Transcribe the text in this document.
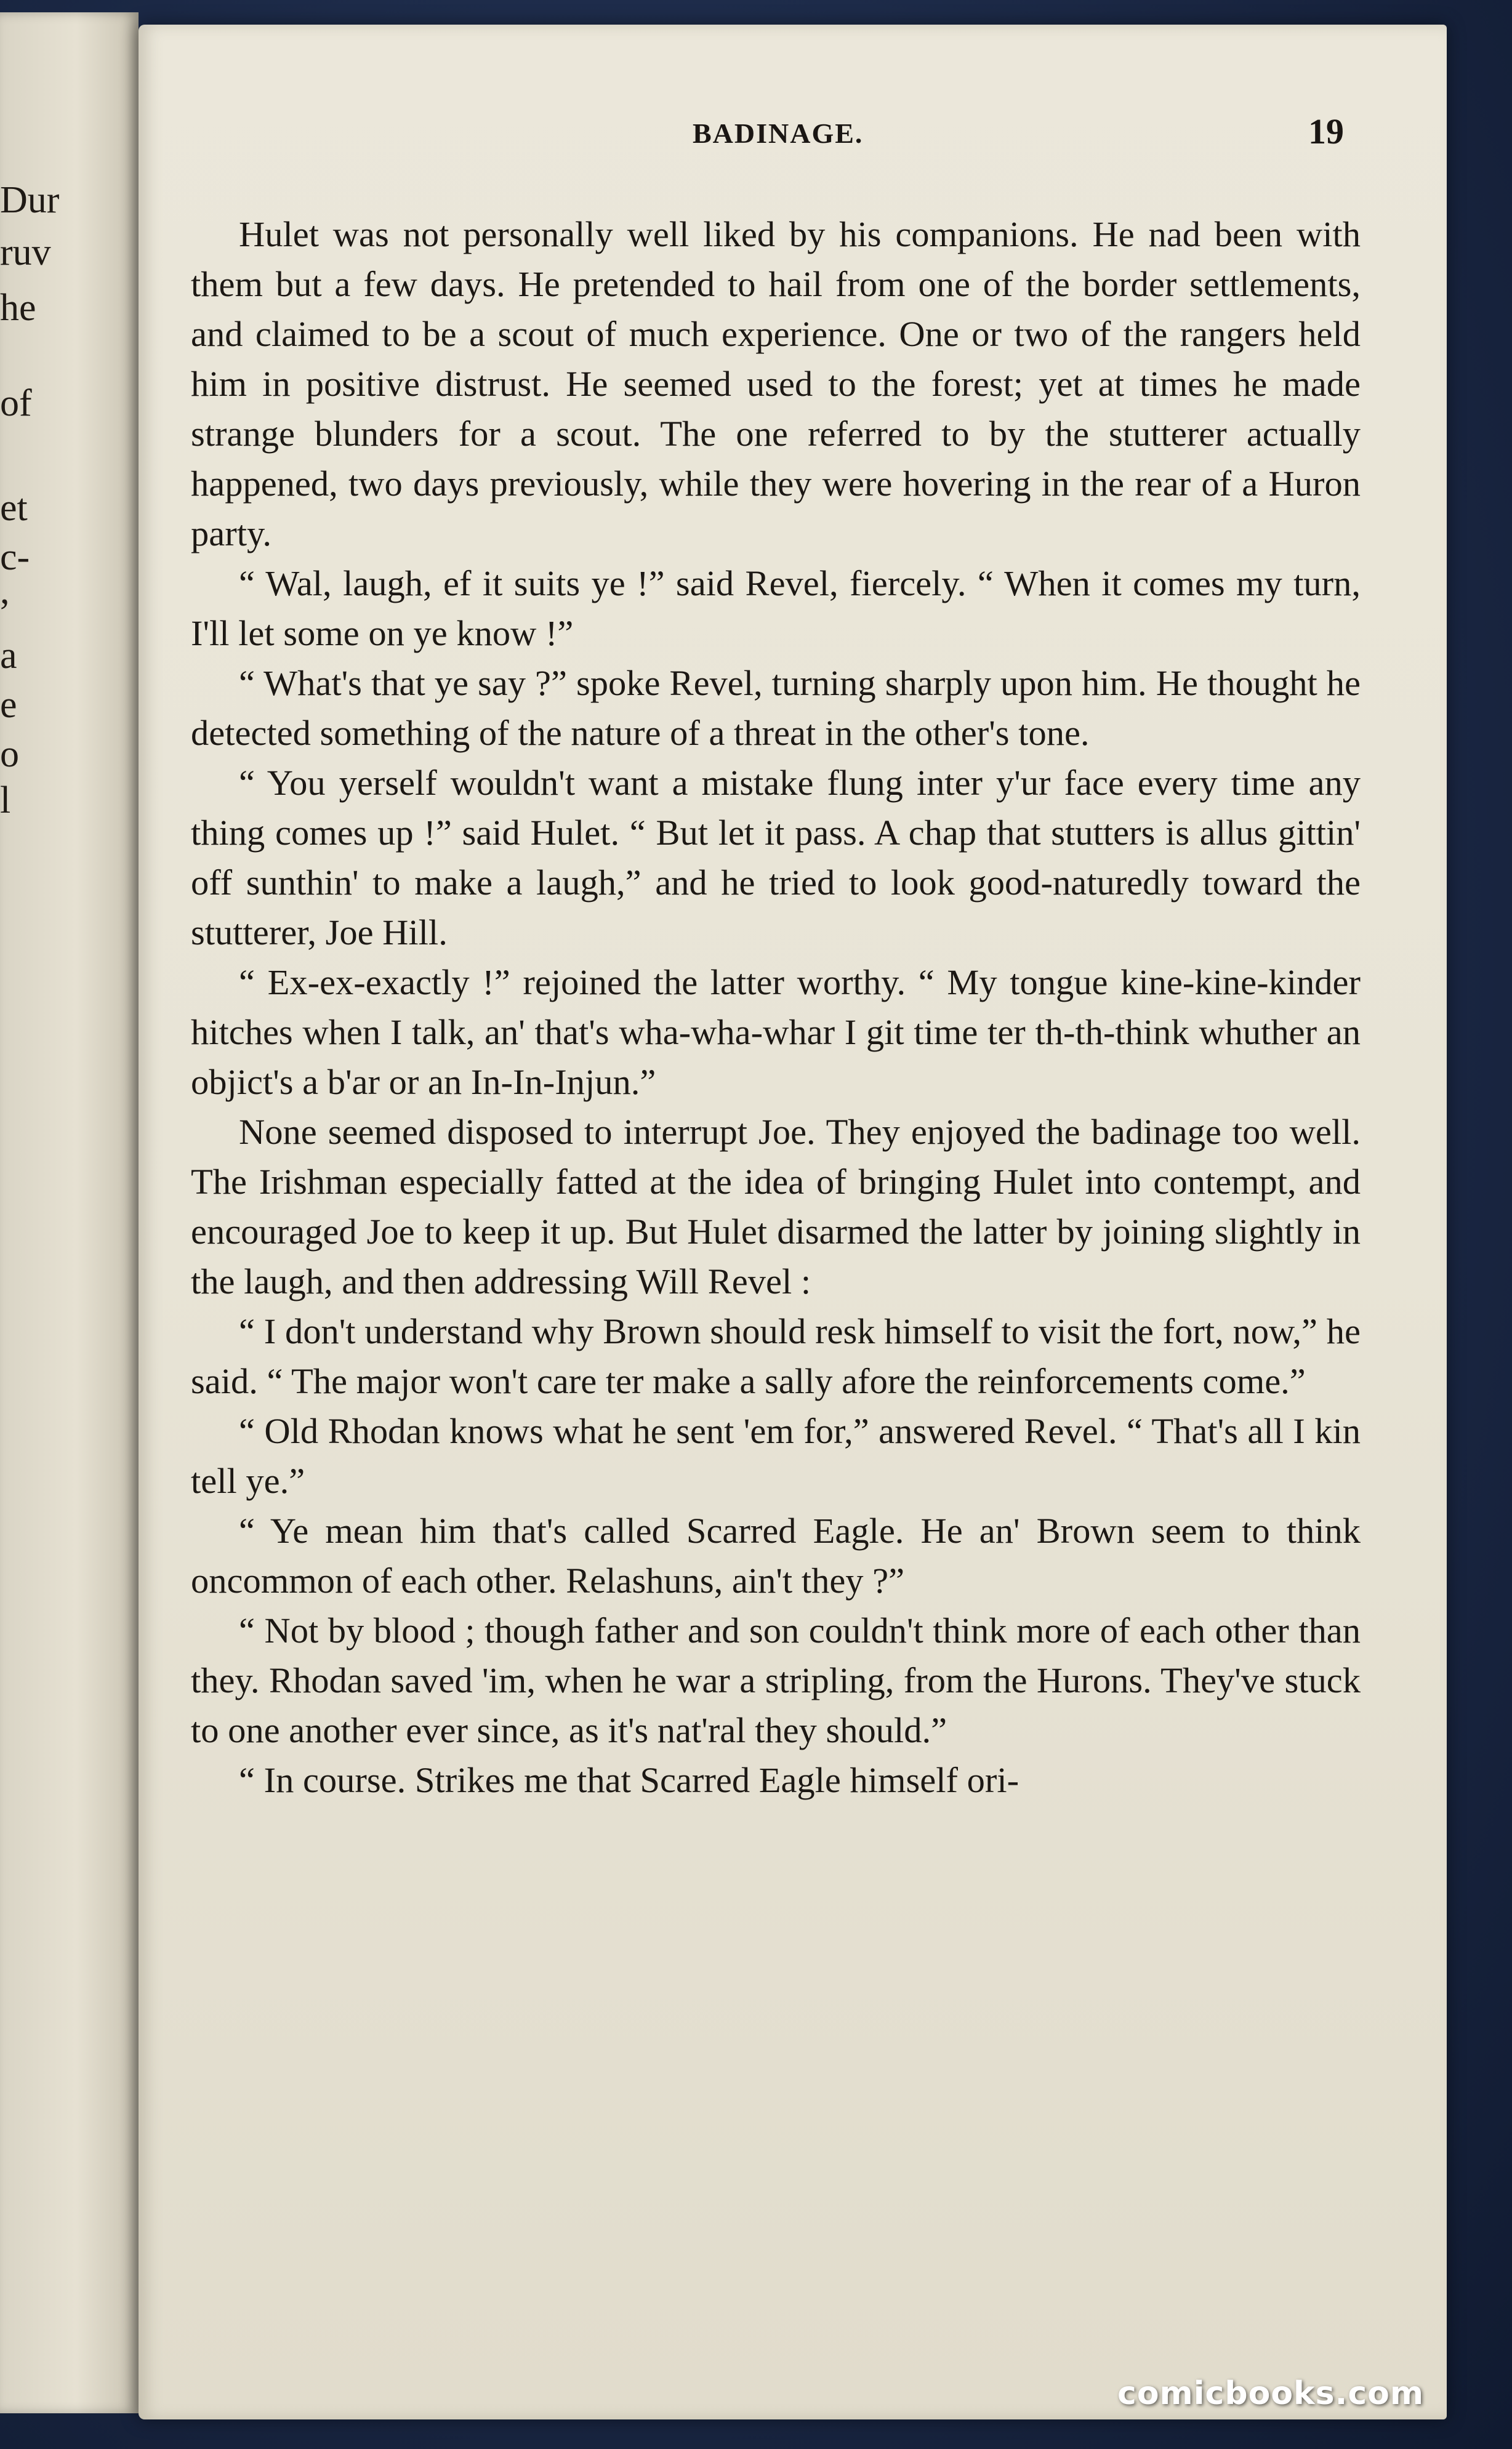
Dur
ruv
he
of
et
c-
,
a
e
o
l
BADINAGE.	19

Hulet was not personally well liked by his companions. He nad been with them but a few days. He pretended to hail from one of the border settlements, and claimed to be a scout of much experience. One or two of the rangers held him in positive distrust. He seemed used to the forest; yet at times he made strange blunders for a scout. The one referred to by the stutterer actually happened, two days previously, while they were hovering in the rear of a Huron party.

“ Wal, laugh, ef it suits ye !” said Revel, fiercely. “ When it comes my turn, I'll let some on ye know !”

“ What's that ye say ?” spoke Revel, turning sharply upon him. He thought he detected something of the nature of a threat in the other's tone.

“ You yerself wouldn't want a mistake flung inter y'ur face every time any thing comes up !” said Hulet. “ But let it pass. A chap that stutters is allus gittin' off sunthin' to make a laugh,” and he tried to look good-naturedly toward the stutterer, Joe Hill.

“ Ex-ex-exactly !” rejoined the latter worthy. “ My tongue kine-kine-kinder hitches when I talk, an' that's wha-wha-whar I git time ter th-th-think whuther an objict's a b'ar or an In-In-Injun.”

None seemed disposed to interrupt Joe. They enjoyed the badinage too well. The Irishman especially fatted at the idea of bringing Hulet into contempt, and encouraged Joe to keep it up. But Hulet disarmed the latter by joining slightly in the laugh, and then addressing Will Revel :

“ I don't understand why Brown should resk himself to visit the fort, now,” he said. “ The major won't care ter make a sally afore the reinforcements come.”

“ Old Rhodan knows what he sent 'em for,” answered Revel. “ That's all I kin tell ye.”

“ Ye mean him that's called Scarred Eagle. He an' Brown seem to think oncommon of each other. Relashuns, ain't they ?”

“ Not by blood ; though father and son couldn't think more of each other than they. Rhodan saved 'im, when he war a stripling, from the Hurons. They've stuck to one another ever since, as it's nat'ral they should.”

“ In course. Strikes me that Scarred Eagle himself ori-

comicbooks.com
